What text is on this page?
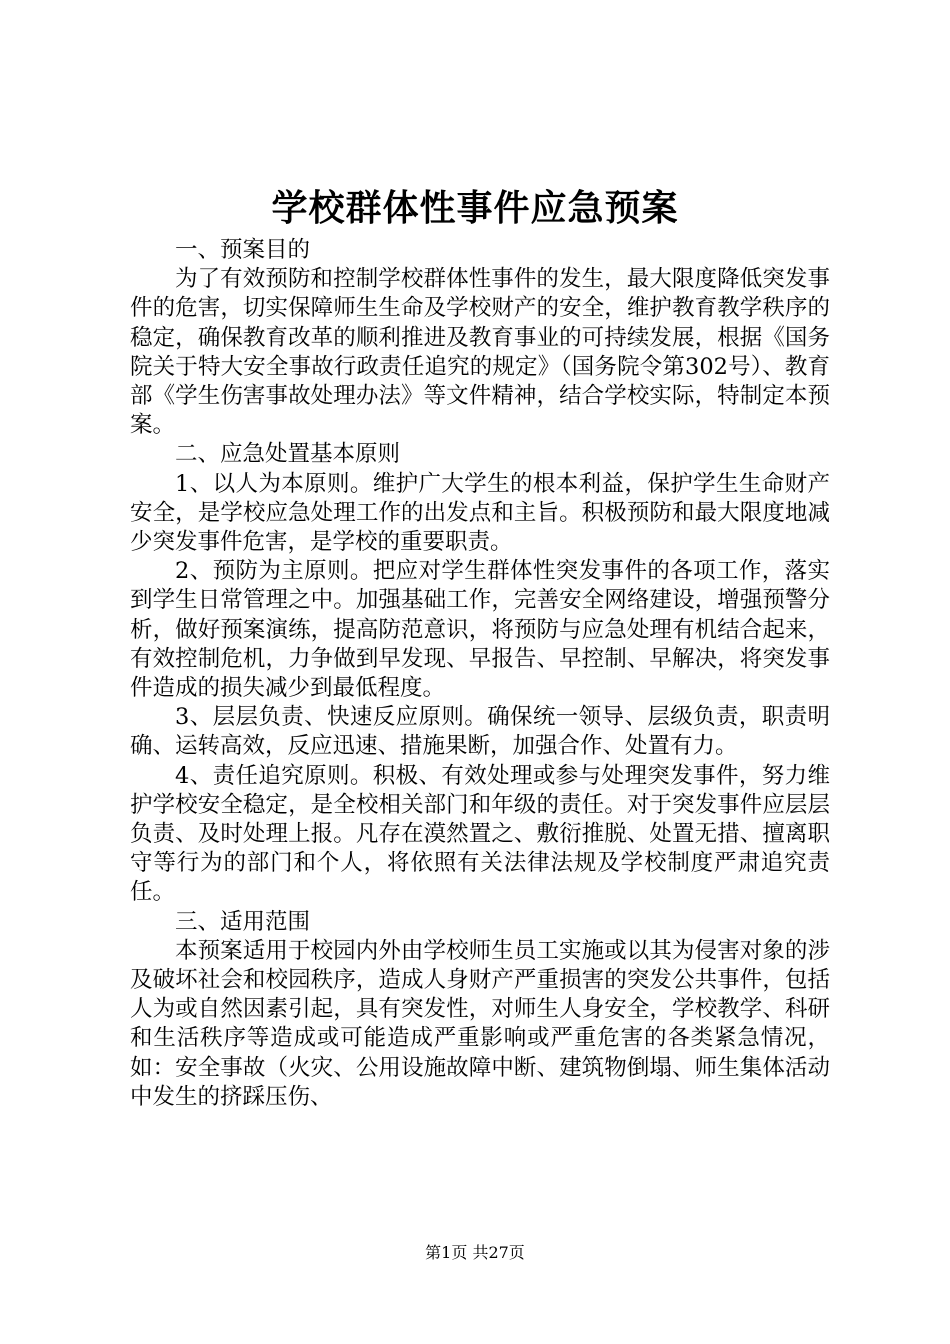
学校群体性事件应急预案

一、预案目的

为了有效预防和控制学校群体性事件的发生，最大限度降低突发事件的危害，切实保障师生生命及学校财产的安全，维护教育教学秩序的稳定，确保教育改革的顺利推进及教育事业的可持续发展，根据《国务院关于特大安全事故行政责任追究的规定》（国务院令第302号）、教育部《学生伤害事故处理办法》等文件精神，结合学校实际，特制定本预案。

二、应急处置基本原则

1、以人为本原则。维护广大学生的根本利益，保护学生生命财产安全，是学校应急处理工作的出发点和主旨。积极预防和最大限度地减少突发事件危害，是学校的重要职责。

2、预防为主原则。把应对学生群体性突发事件的各项工作，落实到学生日常管理之中。加强基础工作，完善安全网络建设，增强预警分析，做好预案演练，提高防范意识，将预防与应急处理有机结合起来，有效控制危机，力争做到早发现、早报告、早控制、早解决，将突发事件造成的损失减少到最低程度。

3、层层负责、快速反应原则。确保统一领导、层级负责，职责明确、运转高效，反应迅速、措施果断，加强合作、处置有力。

4、责任追究原则。积极、有效处理或参与处理突发事件，努力维护学校安全稳定，是全校相关部门和年级的责任。对于突发事件应层层负责、及时处理上报。凡存在漠然置之、敷衍推脱、处置无措、擅离职守等行为的部门和个人，将依照有关法律法规及学校制度严肃追究责任。

三、适用范围

本预案适用于校园内外由学校师生员工实施或以其为侵害对象的涉及破坏社会和校园秩序，造成人身财产严重损害的突发公共事件，包括人为或自然因素引起，具有突发性，对师生人身安全，学校教学、科研和生活秩序等造成或可能造成严重影响或严重危害的各类紧急情况，如：安全事故（火灾、公用设施故障中断、建筑物倒塌、师生集体活动中发生的挤踩压伤、

第1页 共27页
